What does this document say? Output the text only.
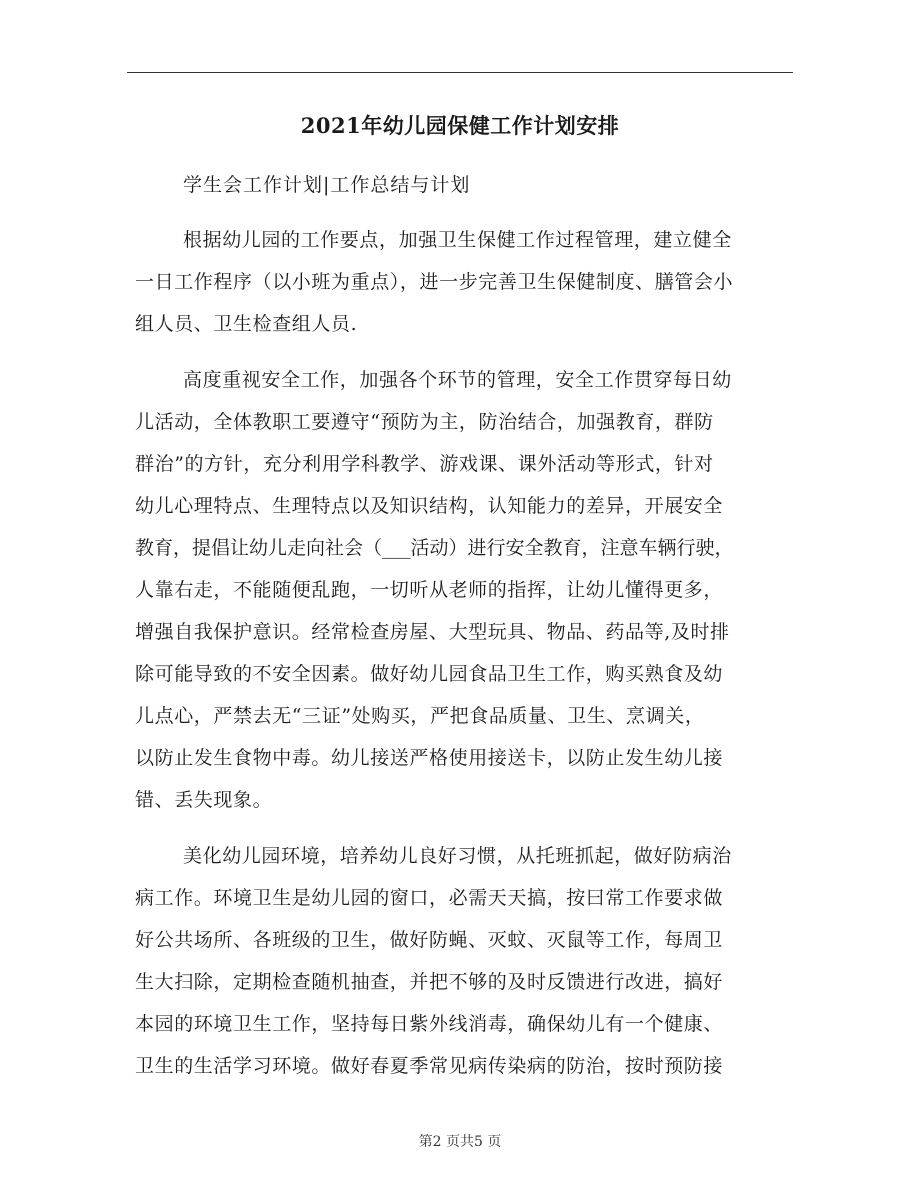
2021年幼儿园保健工作计划安排
学生会工作计划|工作总结与计划
根据幼儿园的工作要点，加强卫生保健工作过程管理，建立健全
一日工作程序（以小班为重点），进一步完善卫生保健制度、膳管会小
组人员、卫生检查组人员.
高度重视安全工作，加强各个环节的管理，安全工作贯穿每日幼
儿活动，全体教职工要遵守“预防为主，防治结合，加强教育，群防
群治”的方针，充分利用学科教学、游戏课、课外活动等形式，针对
幼儿心理特点、生理特点以及知识结构，认知能力的差异，开展安全
教育，提倡让幼儿走向社会（___活动）进行安全教育，注意车辆行驶，
人靠右走，不能随便乱跑，一切听从老师的指挥，让幼儿懂得更多，
增强自我保护意识。经常检查房屋、大型玩具、物品、药品等,及时排
除可能导致的不安全因素。做好幼儿园食品卫生工作，购买熟食及幼
儿点心，严禁去无“三证”处购买，严把食品质量、卫生、烹调关，
以防止发生食物中毒。幼儿接送严格使用接送卡，以防止发生幼儿接
错、丢失现象。
美化幼儿园环境，培养幼儿良好习惯，从托班抓起，做好防病治
病工作。环境卫生是幼儿园的窗口，必需天天搞，按曰常工作要求做
好公共场所、各班级的卫生，做好防蝇、灭蚊、灭鼠等工作，每周卫
生大扫除，定期检查随机抽查，并把不够的及时反馈进行改进，搞好
本园的环境卫生工作，坚持每日紫外线消毒，确保幼儿有一个健康、
卫生的生活学习环境。做好春夏季常见病传染病的防治，按时预防接
第2 页共5 页
